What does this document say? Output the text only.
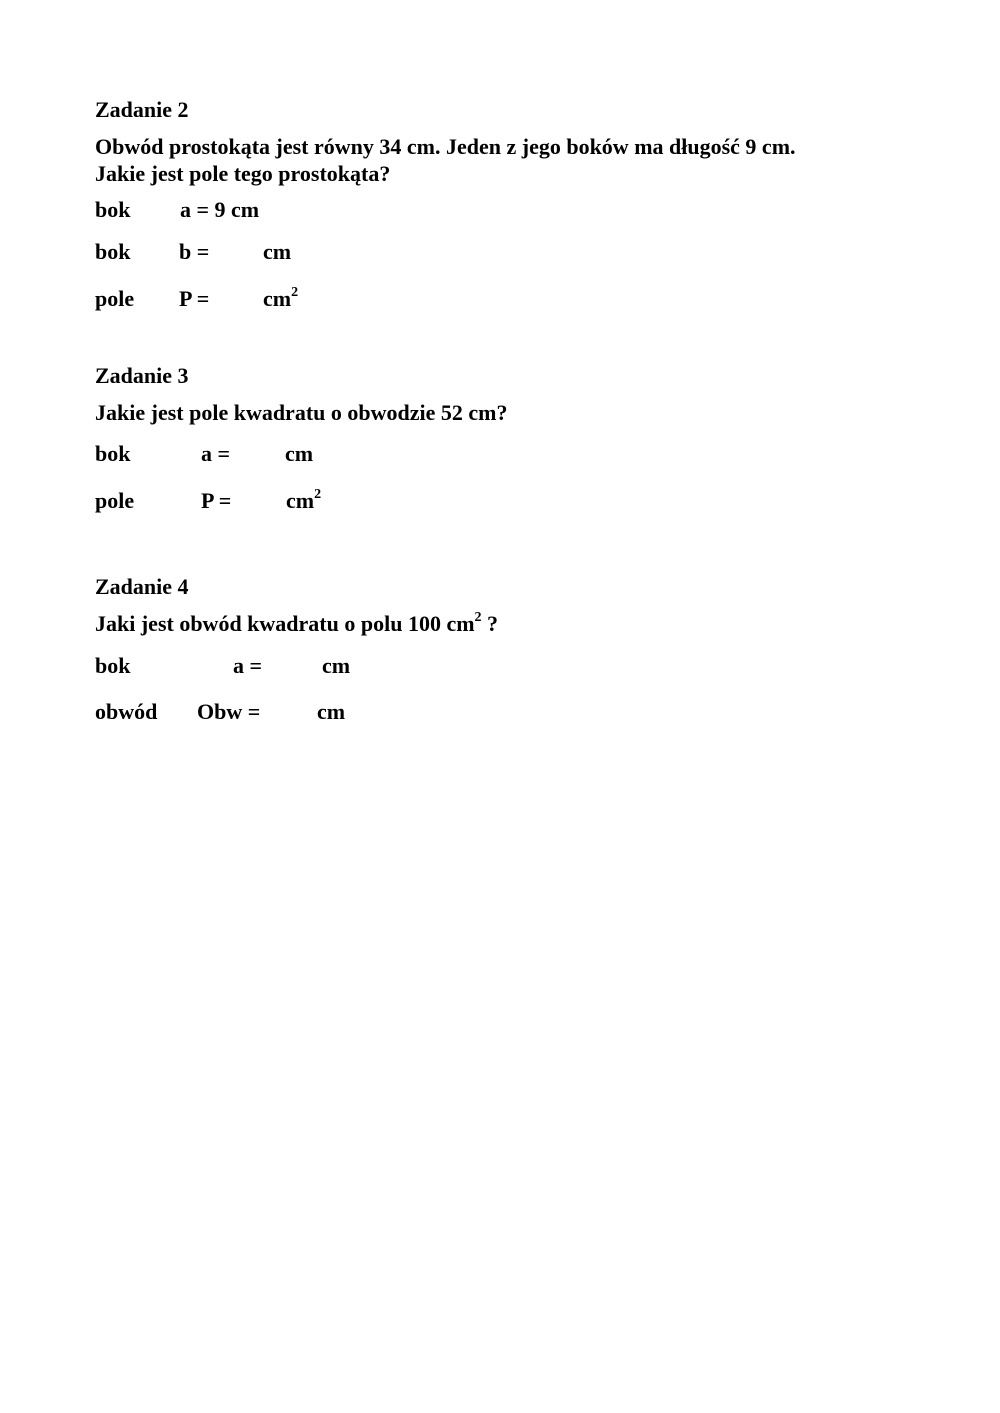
Zadanie 2
Obwód prostokąta jest równy 34 cm. Jeden z jego boków ma długość 9 cm.
Jakie jest pole tego prostokąta?
bok a = 9 cm
bok b = cm
pole $P = cm^2$
Zadanie 3
Jakie jest pole kwadratu o obwodzie 52 cm?
bok	a = cm
pole	$P = cm^2$
Zadanie 4
Jaki jest obwód kwadratu o polu 100 $cm^2$ ?
bok	a =	cm
obwód Obw =	cm
